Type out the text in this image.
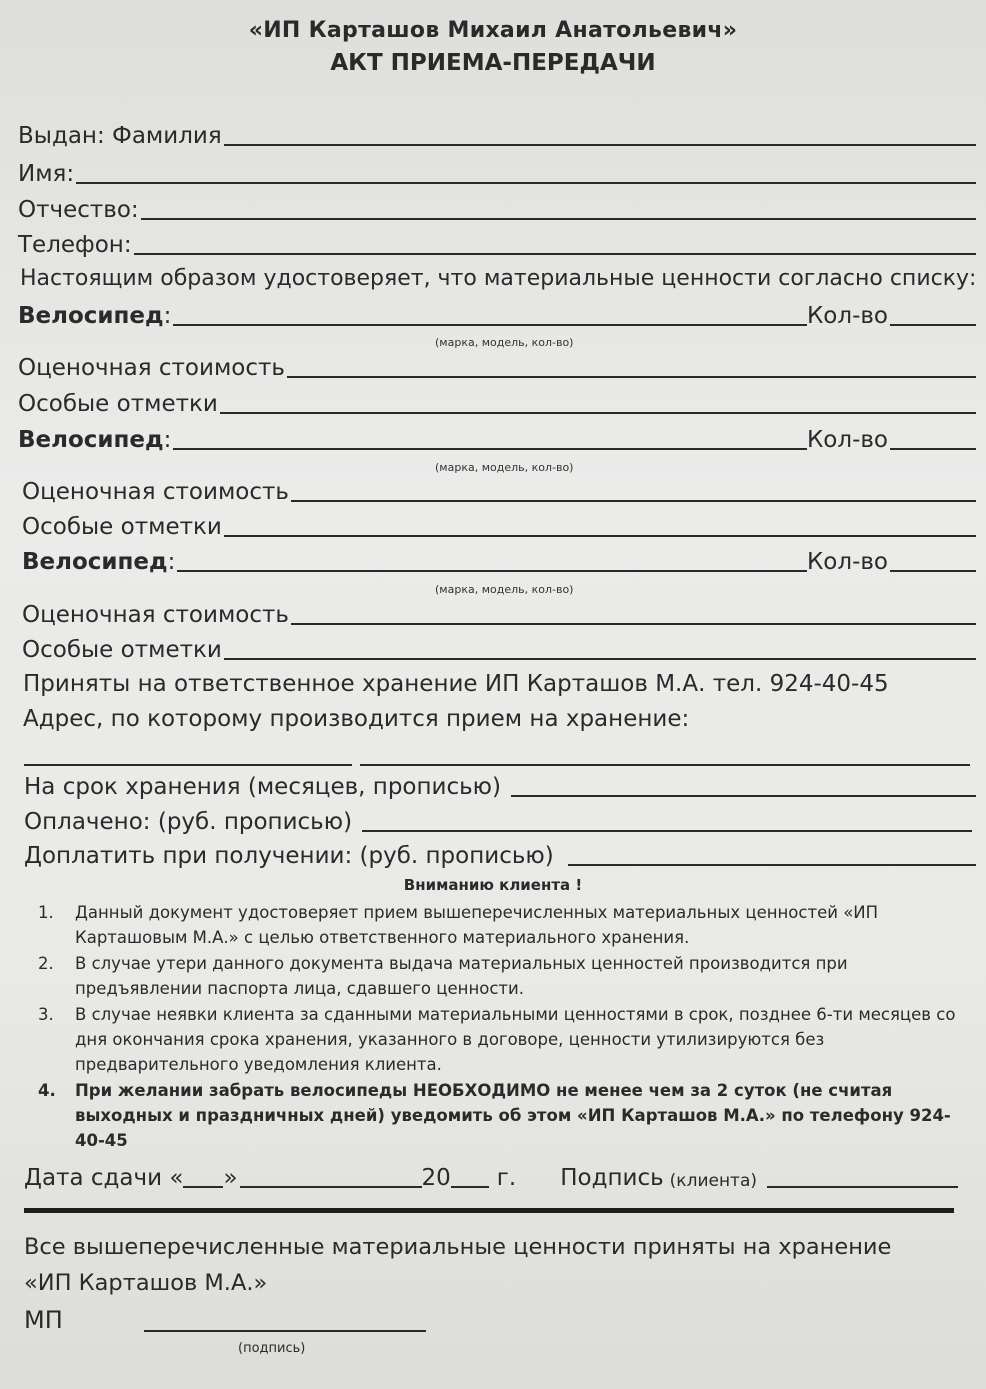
«ИП Карташов Михаил Анатольевич»
АКТ ПРИЕМА-ПЕРЕДАЧИ
Выдан: Фамилия
Имя:
Отчество:
Телефон:
Настоящим образом удостоверяет, что материальные ценности согласно списку:
Велосипед :	Кол-во
(марка, модель, кол-во)
Оценочная стоимость
Особые отметки
Велосипед :	Кол-во
(марка, модель, кол-во)
Оценочная стоимость
Особые отметки
Велосипед :	Кол-во
(марка, модель, кол-во)
Оценочная стоимость
Особые отметки
Приняты на ответственное хранение ИП Карташов М.А. тел. 924-40-45
Адрес, по которому производится прием на хранение:
На срок хранения (месяцев, прописью)
Оплачено: (руб. прописью)
Доплатить при получении: (руб. прописью)
Вниманию клиента !
1.	Данный документ удостоверяет прием вышеперечисленных материальных ценностей «ИП Карташовым М.А.» с целью ответственного материального хранения.
2.	В случае утери данного документа выдача материальных ценностей производится при предъявлении паспорта лица, сдавшего ценности.
3.	В случае неявки клиента за сданными материальными ценностями в срок, позднее 6-ти месяцев со дня окончания срока хранения, указанного в договоре, ценности утилизируются без предварительного уведомления клиента.
4.	При желании забрать велосипеды НЕОБХОДИМО не менее чем за 2 суток (не считая выходных и праздничных дней) уведомить об этом «ИП Карташов М.А.» по телефону 924-40-45
Дата сдачи « »	20 г. Подпись (клиента)
Все вышеперечисленные материальные ценности приняты на хранение
«ИП Карташов М.А.»
МП
(подпись)
